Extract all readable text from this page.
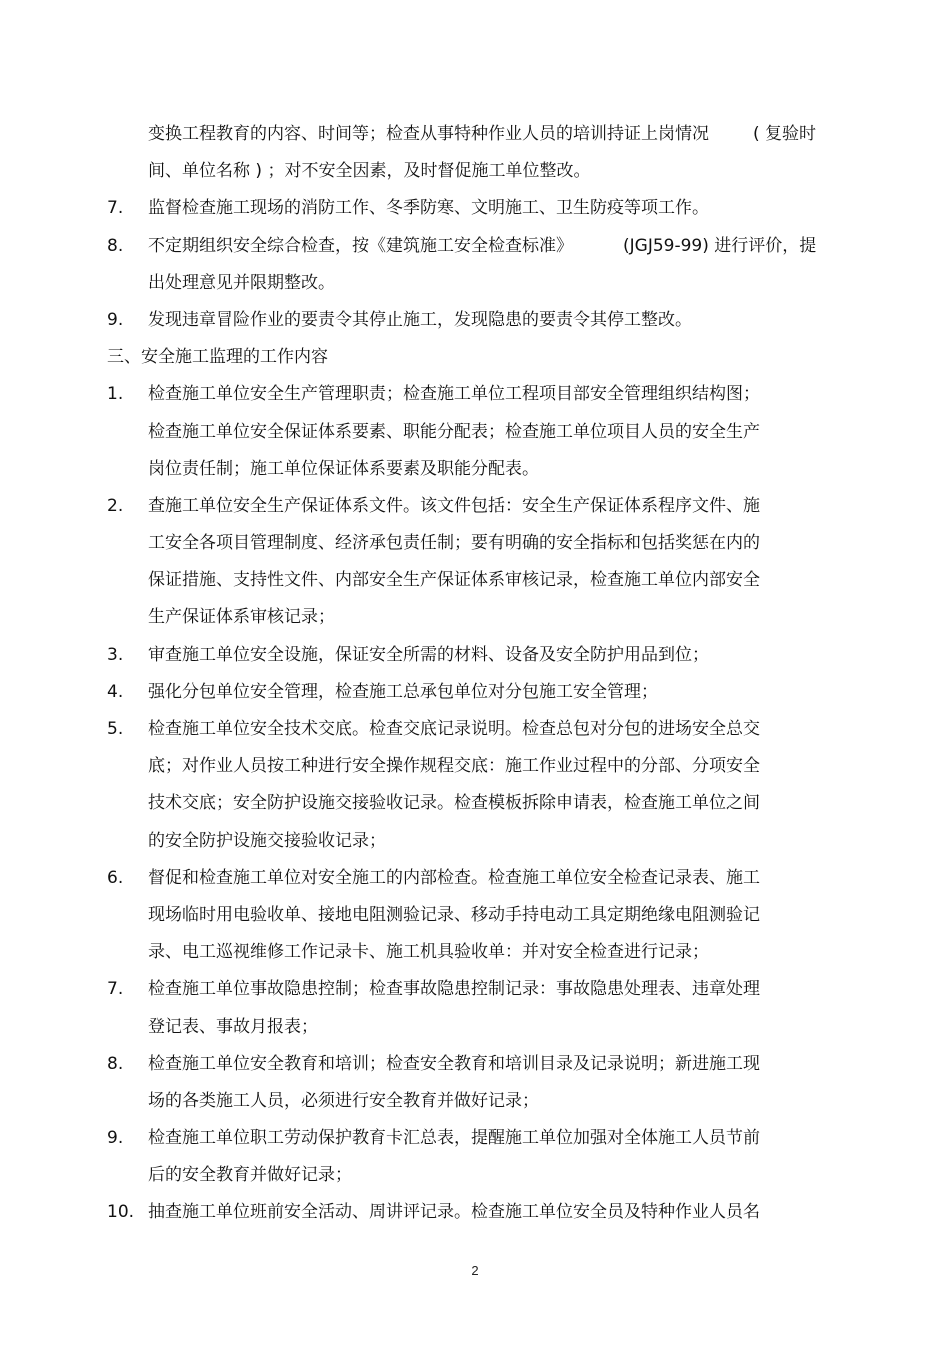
变换工程教育的内容、时间等；检查从事特种作业人员的培训持证上岗情况	( 复验时
间、单位名称 ) ；对不安全因素，及时督促施工单位整改。
7. 监督检查施工现场的消防工作、冬季防寒、文明施工、卫生防疫等项工作。
8. 不定期组织安全综合检查，按《建筑施工安全检查标准》	(JGJ59-99) 进行评价，提
出处理意见并限期整改。
9. 发现违章冒险作业的要责令其停止施工，发现隐患的要责令其停工整改。
三、安全施工监理的工作内容
1. 检查施工单位安全生产管理职责；检查施工单位工程项目部安全管理组织结构图；
检查施工单位安全保证体系要素、职能分配表；检查施工单位项目人员的安全生产
岗位责任制；施工单位保证体系要素及职能分配表。
2. 查施工单位安全生产保证体系文件。该文件包括：安全生产保证体系程序文件、施
工安全各项目管理制度、经济承包责任制；要有明确的安全指标和包括奖惩在内的
保证措施、支持性文件、内部安全生产保证体系审核记录，检查施工单位内部安全
生产保证体系审核记录；
3. 审查施工单位安全设施，保证安全所需的材料、设备及安全防护用品到位；
4. 强化分包单位安全管理，检查施工总承包单位对分包施工安全管理；
5. 检查施工单位安全技术交底。检查交底记录说明。检查总包对分包的进场安全总交
底；对作业人员按工种进行安全操作规程交底：施工作业过程中的分部、分项安全
技术交底；安全防护设施交接验收记录。检查模板拆除申请表，检查施工单位之间
的安全防护设施交接验收记录；
6. 督促和检查施工单位对安全施工的内部检查。检查施工单位安全检查记录表、施工
现场临时用电验收单、接地电阻测验记录、移动手持电动工具定期绝缘电阻测验记
录、电工巡视维修工作记录卡、施工机具验收单：并对安全检查进行记录；
7. 检查施工单位事故隐患控制；检查事故隐患控制记录：事故隐患处理表、违章处理
登记表、事故月报表；
8. 检查施工单位安全教育和培训；检查安全教育和培训目录及记录说明；新进施工现
场的各类施工人员，必须进行安全教育并做好记录；
9. 检查施工单位职工劳动保护教育卡汇总表，提醒施工单位加强对全体施工人员节前
后的安全教育并做好记录；
10. 抽查施工单位班前安全活动、周讲评记录。检查施工单位安全员及特种作业人员名
2
